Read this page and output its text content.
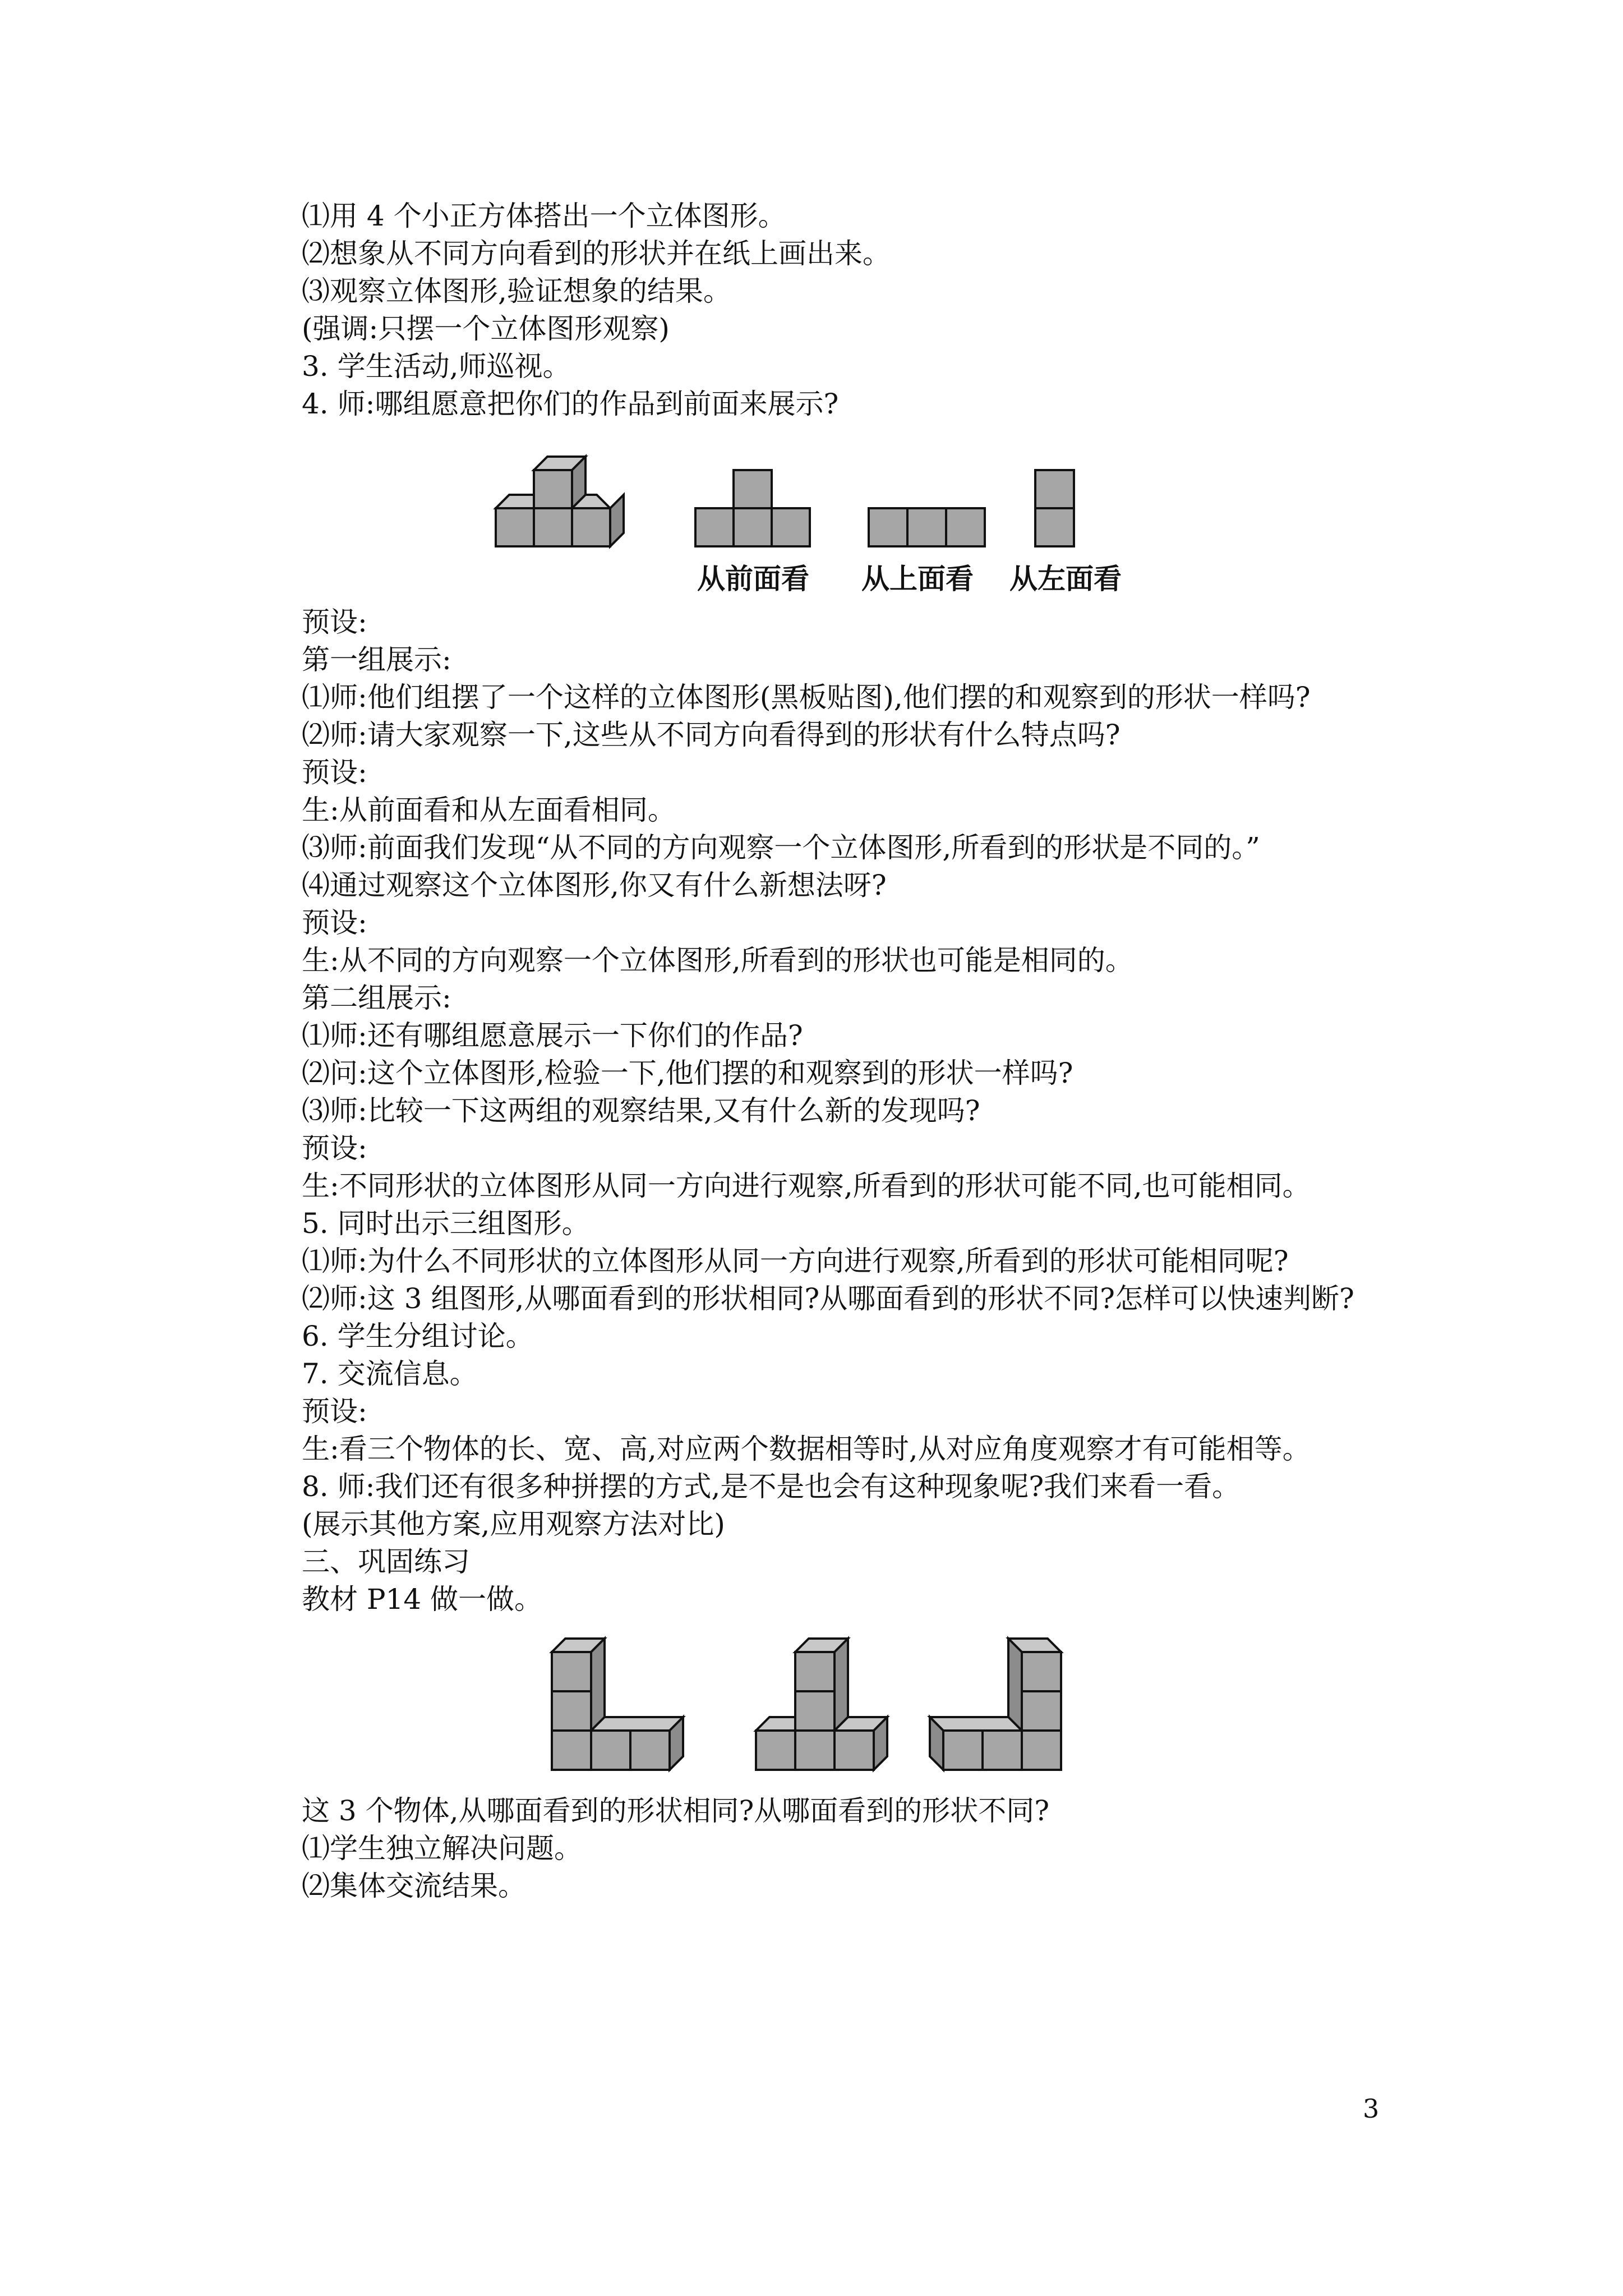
⑴用 4 个小正方体搭出一个立体图形。
⑵想象从不同方向看到的形状并在纸上画出来。
⑶观察立体图形,验证想象的结果。
(强调:只摆一个立体图形观察)
3. 学生活动,师巡视。
4. 师:哪组愿意把你们的作品到前面来展示?
从前面看 从上面看 从左面看
预设:
第一组展示:
⑴师:他们组摆了一个这样的立体图形(黑板贴图),他们摆的和观察到的形状一样吗?
⑵师:请大家观察一下,这些从不同方向看得到的形状有什么特点吗?
预设:
生:从前面看和从左面看相同。
⑶师:前面我们发现“从不同的方向观察一个立体图形,所看到的形状是不同的。”
⑷通过观察这个立体图形,你又有什么新想法呀?
预设:
生:从不同的方向观察一个立体图形,所看到的形状也可能是相同的。
第二组展示:
⑴师:还有哪组愿意展示一下你们的作品?
⑵问:这个立体图形,检验一下,他们摆的和观察到的形状一样吗?
⑶师:比较一下这两组的观察结果,又有什么新的发现吗?
预设:
生:不同形状的立体图形从同一方向进行观察,所看到的形状可能不同,也可能相同。
5. 同时出示三组图形。
⑴师:为什么不同形状的立体图形从同一方向进行观察,所看到的形状可能相同呢?
⑵师:这 3 组图形,从哪面看到的形状相同?从哪面看到的形状不同?怎样可以快速判断?
6. 学生分组讨论。
7. 交流信息。
预设:
生:看三个物体的长、宽、高,对应两个数据相等时,从对应角度观察才有可能相等。
8. 师:我们还有很多种拼摆的方式,是不是也会有这种现象呢?我们来看一看。
(展示其他方案,应用观察方法对比)
三、巩固练习
教材 P14 做一做。
这 3 个物体,从哪面看到的形状相同?从哪面看到的形状不同?
⑴学生独立解决问题。
⑵集体交流结果。
3
